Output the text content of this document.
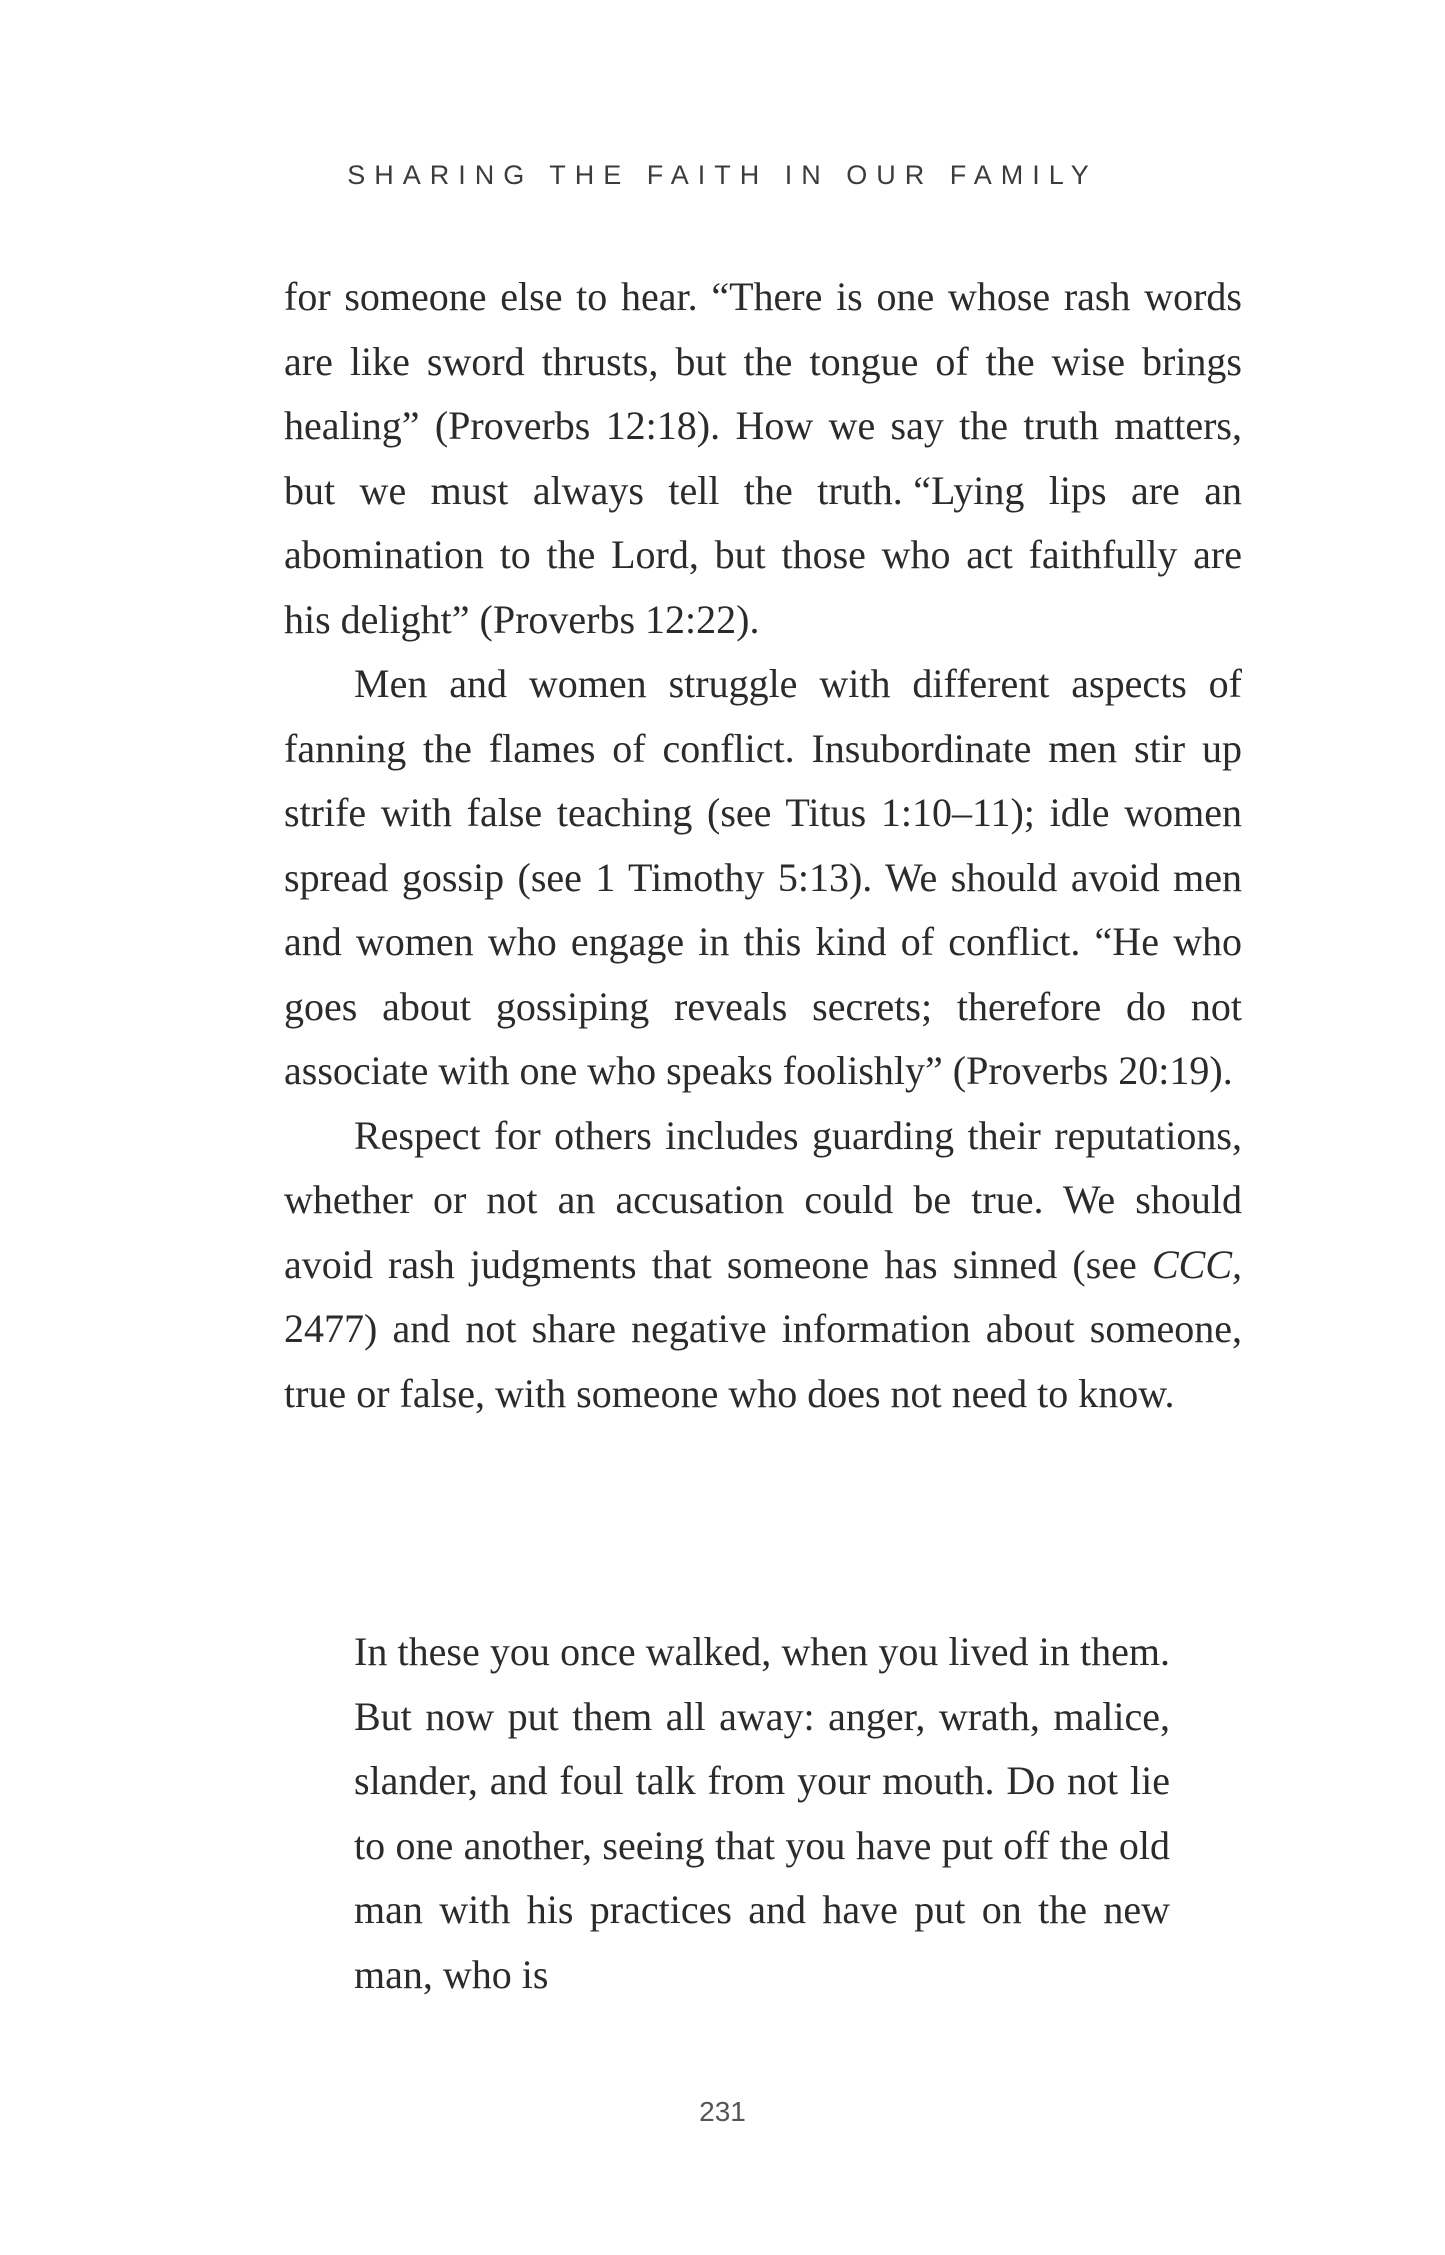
SHARING THE FAITH IN OUR FAMILY

for someone else to hear. “There is one whose rash words are like sword thrusts, but the tongue of the wise brings healing” (Proverbs 12:18). How we say the truth matters, but we must always tell the truth. “Lying lips are an abomination to the Lord, but those who act faithfully are his delight” (Proverbs 12:22).

Men and women struggle with different aspects of fanning the flames of conflict. Insubordinate men stir up strife with false teaching (see Titus 1:10–11); idle women spread gossip (see 1 Timothy 5:13). We should avoid men and women who engage in this kind of conflict. “He who goes about gossiping reveals secrets; therefore do not associate with one who speaks foolishly” (Proverbs 20:19).

Respect for others includes guarding their reputations, whether or not an accusation could be true. We should avoid rash judgments that someone has sinned (see CCC, 2477) and not share negative information about someone, true or false, with someone who does not need to know.

In these you once walked, when you lived in them. But now put them all away: anger, wrath, malice, slander, and foul talk from your mouth. Do not lie to one another, seeing that you have put off the old man with his practices and have put on the new man, who is

231
